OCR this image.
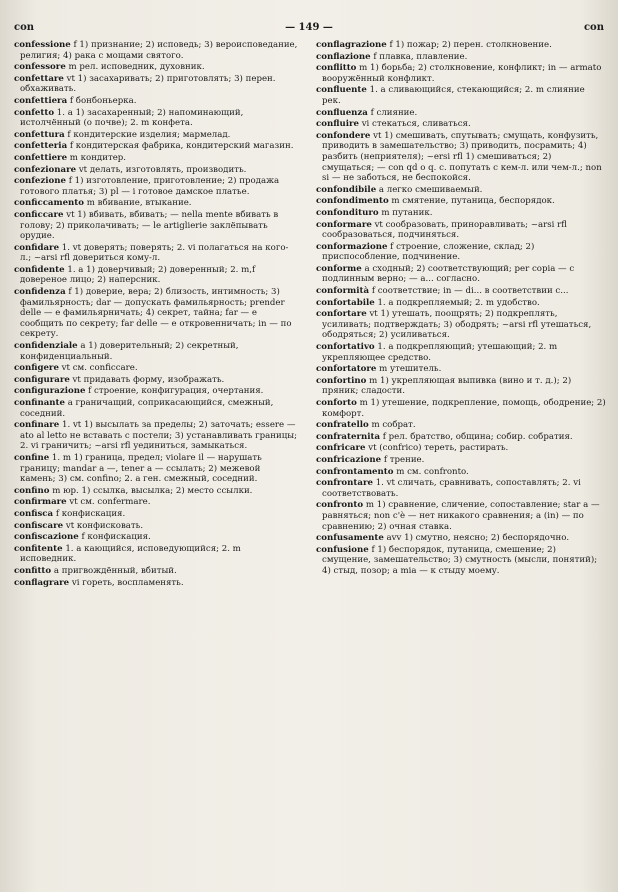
con	— 149 —	con
confessione f 1) признание; 2) исповедь; 3) вероисповедание, религия; 4) рака с мощами святого.
confessore m рел. исповедник, духовник.
confettare vt 1) засахаривать; 2) приготовлять; 3) перен. обхаживать.
confettiera f бонбоньерка.
confetto 1. a 1) засахаренный; 2) напоминающий, истолчённый (о почве); 2. m конфета.
confettura f кондитерские изделия; мармелад.
confetteria f кондитерская фабрика, кондитерский магазин.
confettiere m кондитер.
confezionare vt делать, изготовлять, производить.
confezione f 1) изготовление, приготовление; 2) продажа готового платья; 3) pl — i готовое дамское платье.
conficcamento m вбивание, втыкание.
conficcare vt 1) вбивать, вбивать; — nella mente вбивать в голову; 2) приколачивать; — le artiglierie заклёпывать орудие.
confidare 1. vt доверять; поверять; 2. vi полагаться на кого-л.; ~arsi rfl довериться кому-л.
confidente 1. a 1) доверчивый; 2) доверенный; 2. m,f довереное лицо; 2) наперсник.
confidenza f 1) доверие, вера; 2) близость, интимность; 3) фамильярность; dar — допускать фамильярность; prender delle — e фамильярничать; 4) секрет, тайна; far — e сообщить по секрету; far delle — e откровенничать; in — по секрету.
confidenziale a 1) доверительный; 2) секретный, конфиденциальный.
configere vt см. conficcare.
configurare vt придавать форму, изображать.
configurazione f строение, конфигурация, очертания.
confinante a граничащий, соприкасающийся, смежный, соседний.
confinare 1. vt 1) высылать за пределы; 2) заточать; essere — ato al letto не вставать с постели; 3) устанавливать границы; 2. vi граничить; ~arsi rfl уединиться, замыкаться.
confine 1. m 1) граница, предел; violare il — нарушать границу; mandar a —, tener a — ссылать; 2) межевой камень; 3) см. confino; 2. a ген. смежный, соседний.
confino m юр. 1) ссылка, высылка; 2) место ссылки.
confirmare vt см. confermare.
confisca f конфискация.
confiscare vt конфисковать.
confiscazione f конфискация.
confitente 1. a кающийся, исповедующийся; 2. m исповедник.
confitto a пригвождённый, вбитый.
conflagrare vi гореть, воспламенять.
conflagrazione f 1) пожар; 2) перен. столкновение.
conflazione f плавка, плавление.
conflitto m 1) борьба; 2) столкновение, конфликт; in — armato вооружённый конфликт.
confluente 1. a сливающийся, стекающийся; 2. m слияние рек.
confluenza f слияние.
confluire vi стекаться, сливаться.
confondere vt 1) смешивать, спутывать; смущать, конфузить, приводить в замешательство; 3) приводить, посрамить; 4) разбить (неприятеля); ~ersi rfl 1) смешиваться; 2) смущаться; — con qd o q. c. попутать с кем-л. или чем-л.; non si — не заботься, не беспокойся.
confondibile a легко смешиваемый.
confondimento m смятение, путаница, беспорядок.
confondituro m путаник.
conformare vt сообразовать, приноравливать; ~arsi rfl сообразоваться, подчиняться.
conformazione f строение, сложение, склад; 2) приспособление, подчинение.
conforme a сходный; 2) соответствующий; per copia — с подлинным верно; — a... согласно.
conformità f соответствие; in — di... в соответствии с...
confortabile 1. a подкрепляемый; 2. m удобство.
confortare vt 1) утешать, поощрять; 2) подкреплять, усиливать; подтверждать; 3) ободрять; ~arsi rfl утешаться, ободряться; 2) усиливаться.
confortativo 1. a подкрепляющий; утешающий; 2. m укрепляющее средство.
confortatore m утешитель.
confortino m 1) укрепляющая выпивка (вино и т. д.); 2) пряник; сладости.
conforto m 1) утешение, подкрепление, помощь, ободрение; 2) комфорт.
confratello m собрат.
confraternita f рел. братство, община; собир. собратия.
confricare vt (confrico) тереть, растирать.
confricazione f трение.
confrontamento m см. confronto.
confrontare 1. vt сличать, сравнивать, сопоставлять; 2. vi соответствовать.
confronto m 1) сравнение, сличение, сопоставление; star a — равняться; non c'è — нет никакого сравнения; a (in) — по сравнению; 2) очная ставка.
confusamente avv 1) смутно, неясно; 2) беспорядочно.
confusione f 1) беспорядок, путаница, смешение; 2) смущение, замешательство; 3) смутность (мысли, понятий); 4) стыд, позор; a mia — к стыду моему.
